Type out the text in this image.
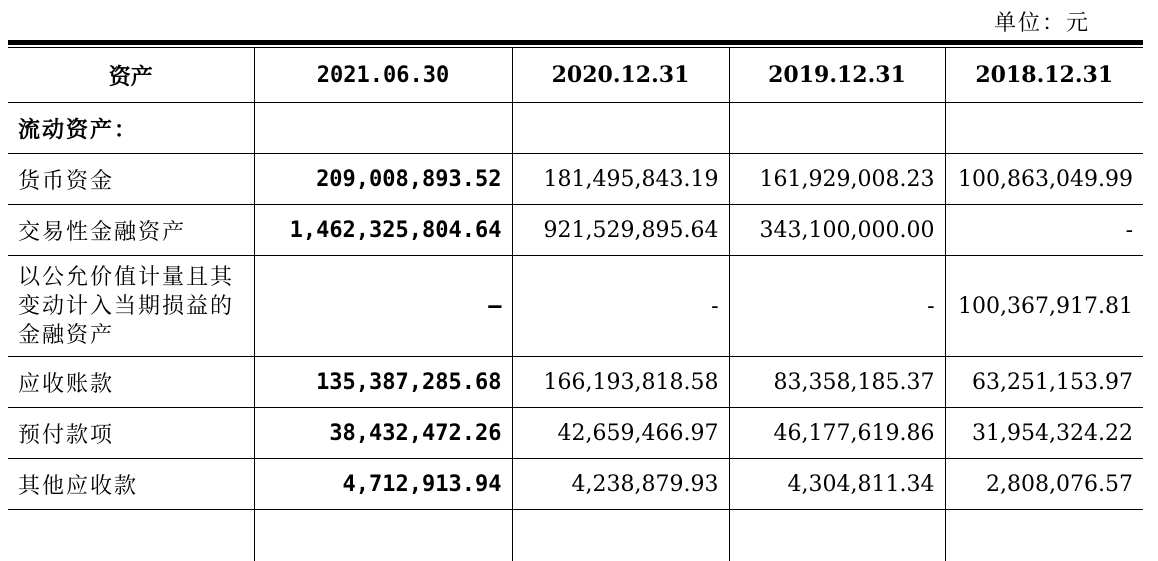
单位：元
资产	2021.06.30	2020.12.31	2019.12.31	2018.12.31
流动资产：				
货币资金	209,008,893.52	181,495,843.19	161,929,008.23	100,863,049.99
交易性金融资产	1,462,325,804.64	921,529,895.64	343,100,000.00	-
以公允价值计量且其变动计入当期损益的金融资产	–	-	-	100,367,917.81
应收账款	135,387,285.68	166,193,818.58	83,358,185.37	63,251,153.97
预付款项	38,432,472.26	42,659,466.97	46,177,619.86	31,954,324.22
其他应收款	4,712,913.94	4,238,879.93	4,304,811.34	2,808,076.57
